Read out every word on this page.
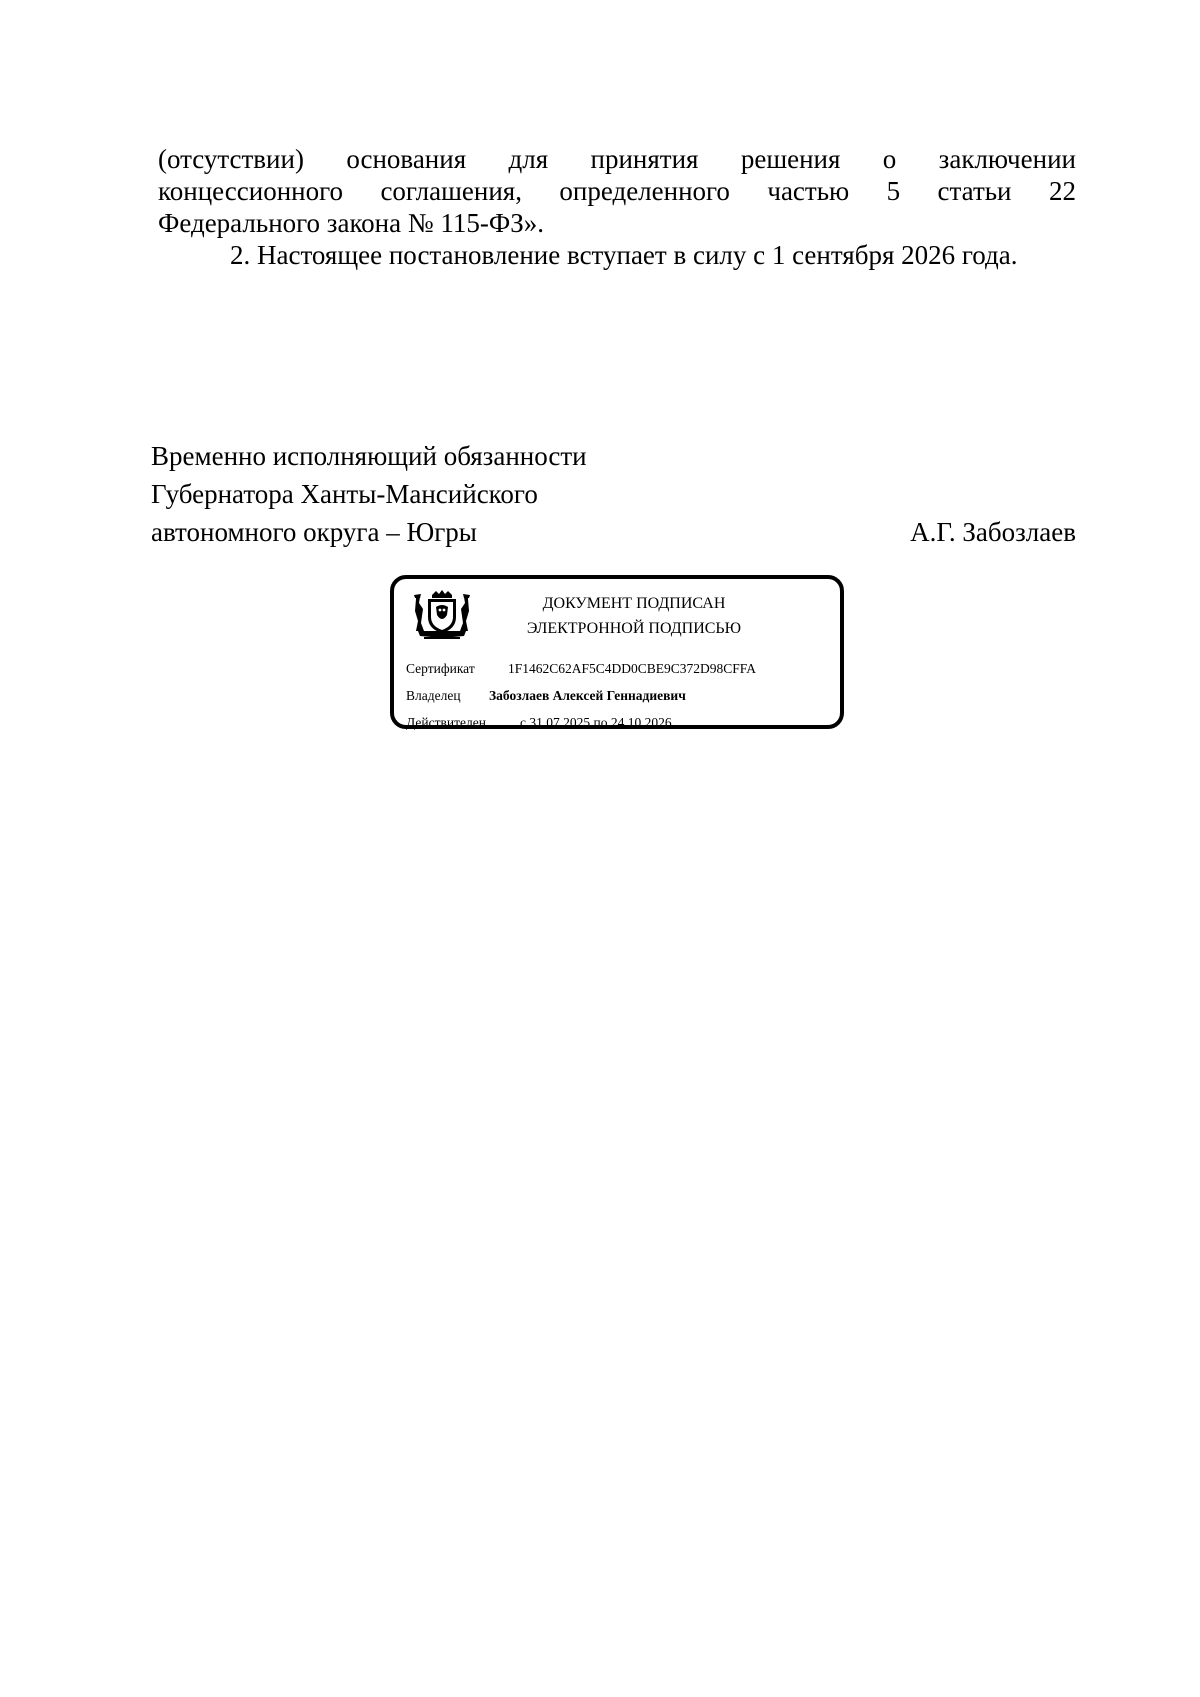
(отсутствии) основания для принятия решения о заключении
концессионного соглашения, определенного частью 5 статьи 22
Федерального закона № 115-ФЗ».
2. Настоящее постановление вступает в силу с 1 сентября 2026 года.
Временно исполняющий обязанности
Губернатора Ханты-Мансийского
автономного округа – Югры	А.Г. Забозлаев
ДОКУМЕНТ ПОДПИСАН
ЭЛЕКТРОННОЙ ПОДПИСЬЮ
Сертификат 1F1462C62AF5C4DD0CBE9C372D98CFFA
Владелец Забозлаев Алексей Геннадиевич
Действителен	с 31.07.2025 по 24.10.2026
